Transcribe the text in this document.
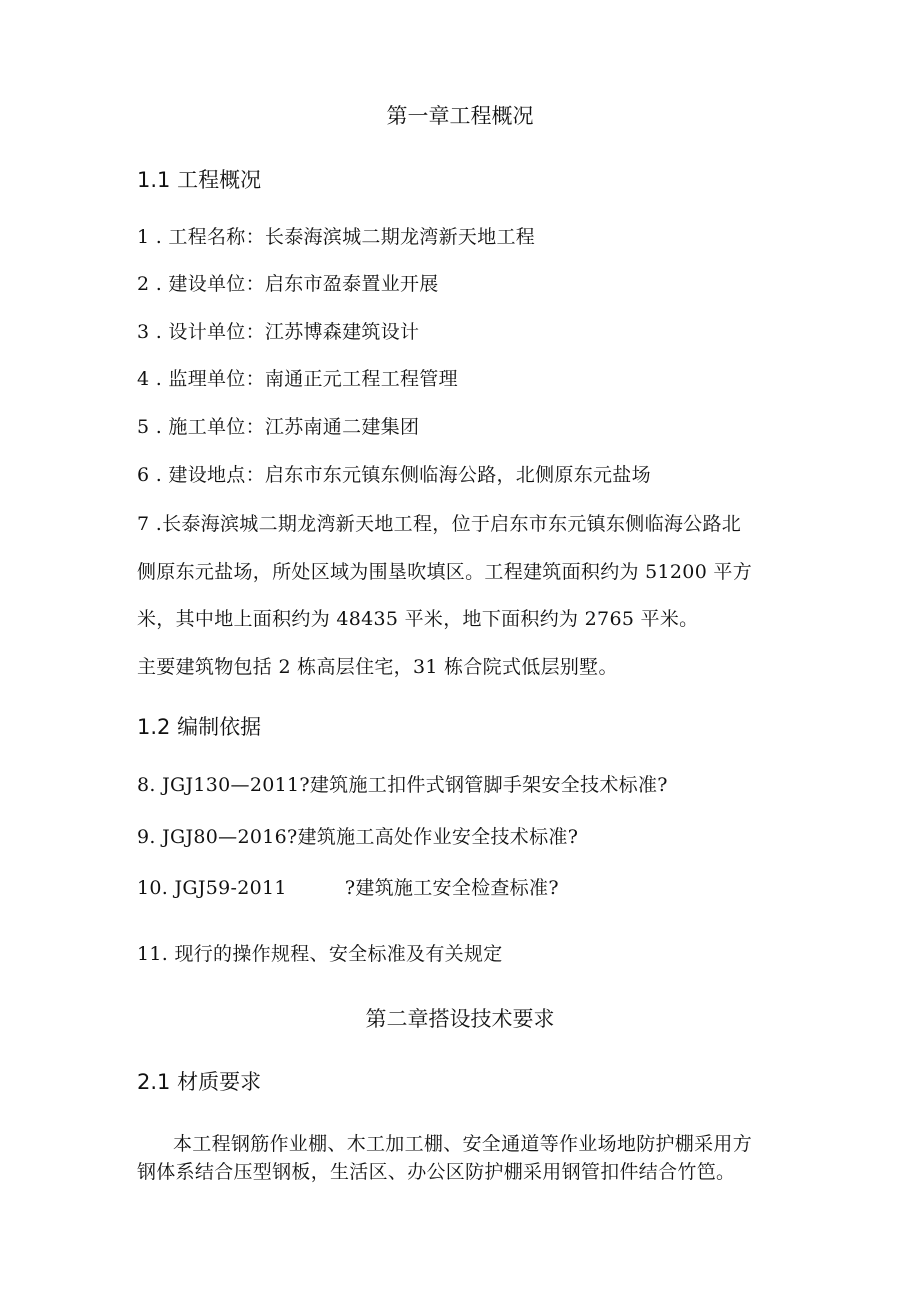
第一章工程概况
1.1 工程概况
1 . 工程名称：长泰海滨城二期龙湾新天地工程
2 . 建设单位：启东市盈泰置业开展
3 . 设计单位：江苏博森建筑设计
4 . 监理单位：南通正元工程工程管理
5 . 施工单位：江苏南通二建集团
6 . 建设地点：启东市东元镇东侧临海公路，北侧原东元盐场
7 .长泰海滨城二期龙湾新天地工程，位于启东市东元镇东侧临海公路北
侧原东元盐场，所处区域为围垦吹填区。工程建筑面积约为 51200 平方
米，其中地上面积约为 48435 平米，地下面积约为 2765 平米。
主要建筑物包括 2 栋高层住宅，31 栋合院式低层别墅。
1.2 编制依据
8. JGJ130—2011?建筑施工扣件式钢管脚手架安全技术标准?
9. JGJ80—2016?建筑施工高处作业安全技术标准?
10. JGJ59-2011	?建筑施工安全检查标准?
11. 现行的操作规程、安全标准及有关规定
第二章搭设技术要求
2.1 材质要求
本工程钢筋作业棚、木工加工棚、安全通道等作业场地防护棚采用方
钢体系结合压型钢板，生活区、办公区防护棚采用钢管扣件结合竹笆。
